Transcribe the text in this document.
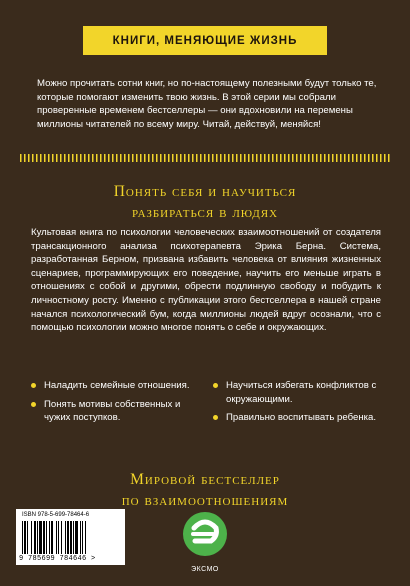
КНИГИ, МЕНЯЮЩИЕ ЖИЗНЬ
Можно прочитать сотни книг, но по-настоящему полезными будут только те, которые помогают изменить твою жизнь. В этой серии мы собрали проверенные временем бестселлеры — они вдохновили на перемены миллионы читателей по всему миру. Читай, действуй, меняйся!
Понять себя и научиться
разбираться в людях
Культовая книга по психологии человеческих взаимоотношений от создателя трансакционного анализа психотерапевта Эрика Берна. Система, разработанная Берном, призвана избавить человека от влияния жизненных сценариев, программирующих его поведение, научить его меньше играть в отношениях с собой и другими, обрести подлинную свободу и побудить к личностному росту. Именно с публикации этого бестселлера в нашей стране начался психологический бум, когда миллионы людей вдруг осознали, что с помощью психологии можно многое понять о себе и окружающих.
Наладить семейные отношения.
Понять мотивы собственных и чужих поступков.
Научиться избегать конфликтов с окружающими.
Правильно воспитывать ребенка.
Мировой бестселлер
по взаимоотношениям
ISBN 978-5-699-78464-6
9 785699 784646 >
ЭКСМО
